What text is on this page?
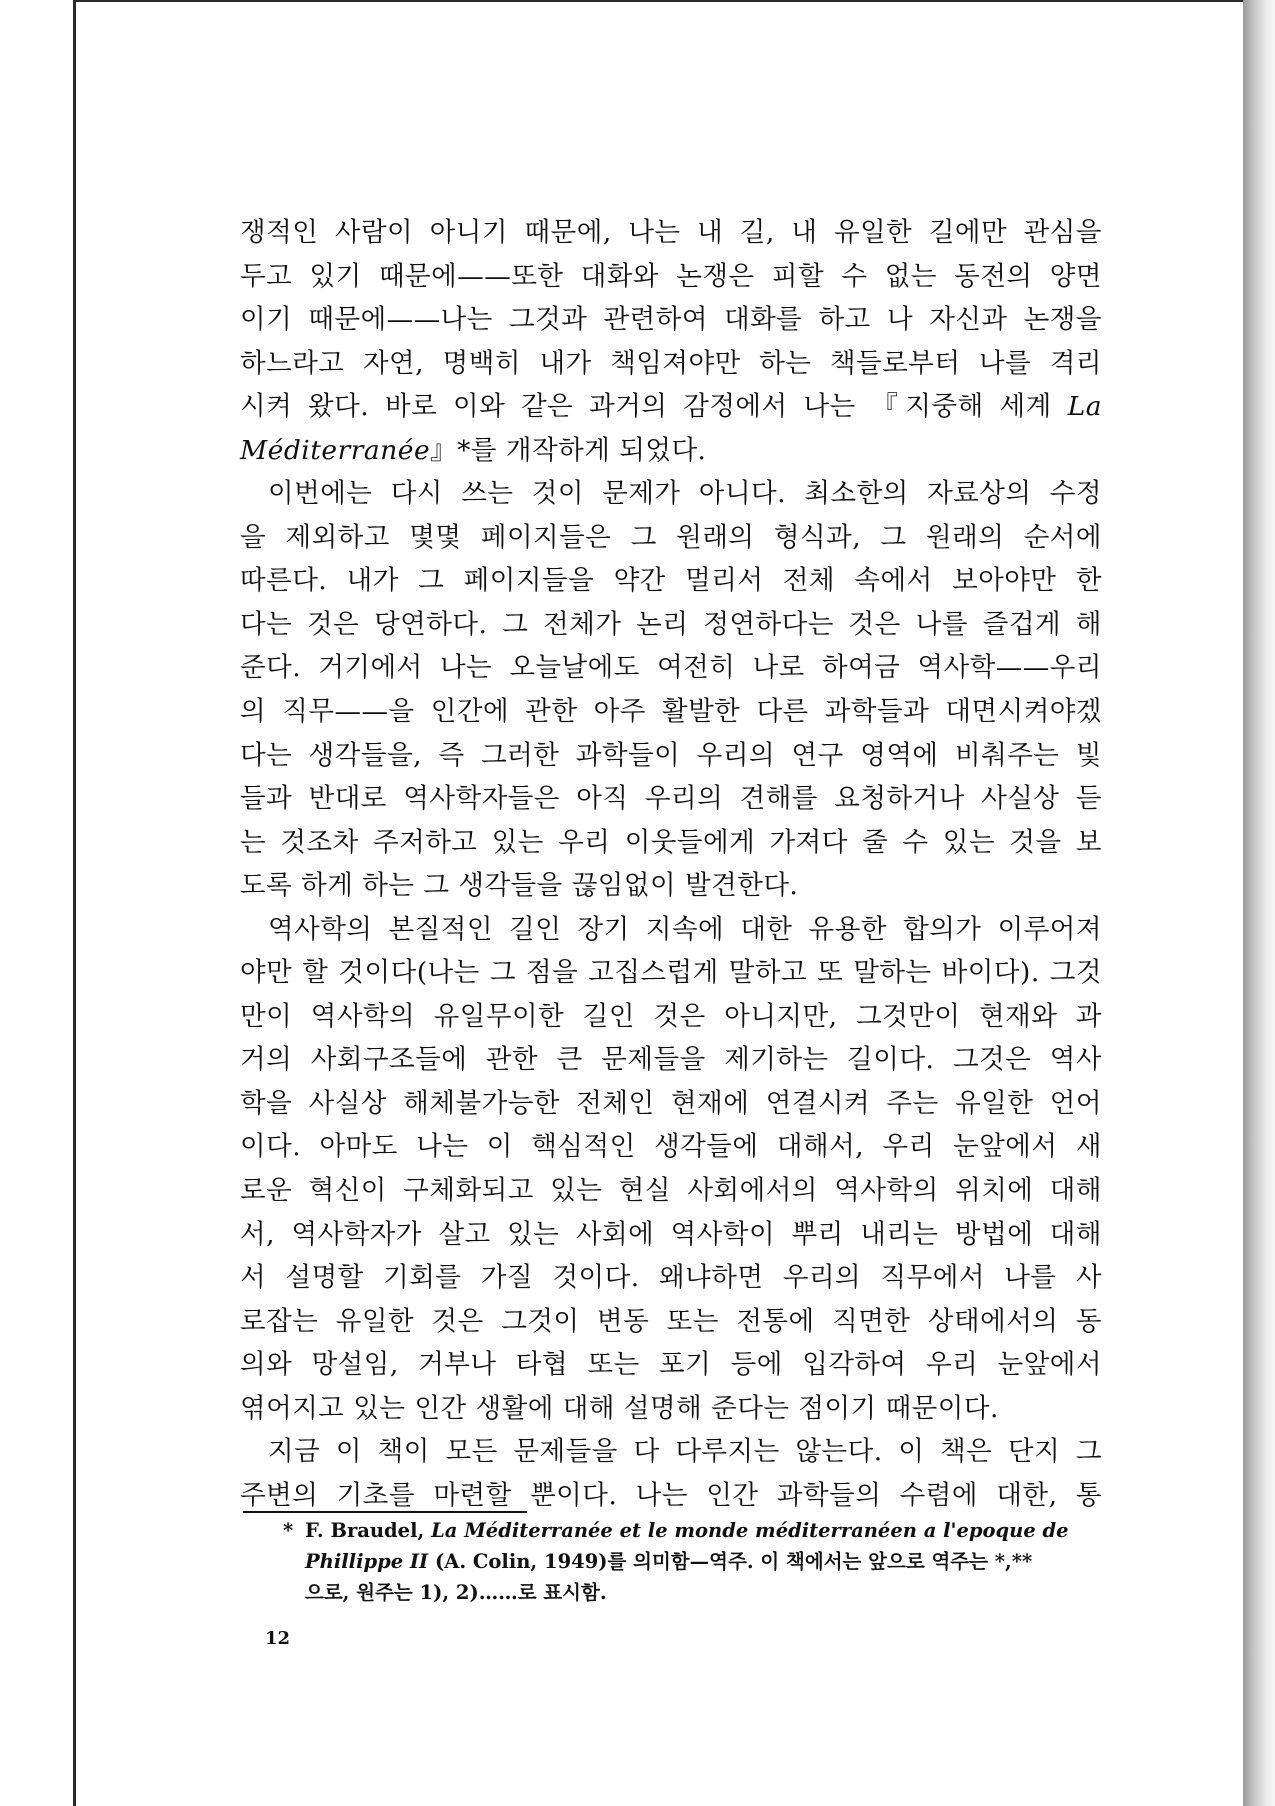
쟁적인 사람이 아니기 때문에, 나는 내 길, 내 유일한 길에만 관심을
두고 있기 때문에——또한 대화와 논쟁은 피할 수 없는 동전의 양면
이기 때문에——나는 그것과 관련하여 대화를 하고 나 자신과 논쟁을
하느라고 자연, 명백히 내가 책임져야만 하는 책들로부터 나를 격리
시켜 왔다. 바로 이와 같은 과거의 감정에서 나는 『지중해 세계 La
Méditerranée』*를 개작하게 되었다.
이번에는 다시 쓰는 것이 문제가 아니다. 최소한의 자료상의 수정
을 제외하고 몇몇 페이지들은 그 원래의 형식과, 그 원래의 순서에
따른다. 내가 그 페이지들을 약간 멀리서 전체 속에서 보아야만 한
다는 것은 당연하다. 그 전체가 논리 정연하다는 것은 나를 즐겁게 해
준다. 거기에서 나는 오늘날에도 여전히 나로 하여금 역사학——우리
의 직무——을 인간에 관한 아주 활발한 다른 과학들과 대면시켜야겠
다는 생각들을, 즉 그러한 과학들이 우리의 연구 영역에 비춰주는 빛
들과 반대로 역사학자들은 아직 우리의 견해를 요청하거나 사실상 듣
는 것조차 주저하고 있는 우리 이웃들에게 가져다 줄 수 있는 것을 보
도록 하게 하는 그 생각들을 끊임없이 발견한다.
역사학의 본질적인 길인 장기 지속에 대한 유용한 합의가 이루어져
야만 할 것이다(나는 그 점을 고집스럽게 말하고 또 말하는 바이다). 그것
만이 역사학의 유일무이한 길인 것은 아니지만, 그것만이 현재와 과
거의 사회구조들에 관한 큰 문제들을 제기하는 길이다. 그것은 역사
학을 사실상 해체불가능한 전체인 현재에 연결시켜 주는 유일한 언어
이다. 아마도 나는 이 핵심적인 생각들에 대해서, 우리 눈앞에서 새
로운 혁신이 구체화되고 있는 현실 사회에서의 역사학의 위치에 대해
서, 역사학자가 살고 있는 사회에 역사학이 뿌리 내리는 방법에 대해
서 설명할 기회를 가질 것이다. 왜냐하면 우리의 직무에서 나를 사
로잡는 유일한 것은 그것이 변동 또는 전통에 직면한 상태에서의 동
의와 망설임, 거부나 타협 또는 포기 등에 입각하여 우리 눈앞에서
엮어지고 있는 인간 생활에 대해 설명해 준다는 점이기 때문이다.
지금 이 책이 모든 문제들을 다 다루지는 않는다. 이 책은 단지 그
주변의 기초를 마련할 뿐이다. 나는 인간 과학들의 수렴에 대한, 통
* F. Braudel, La Méditerranée et le monde méditerranéen a l'epoque de
Phillippe II (A. Colin, 1949)를 의미함—역주. 이 책에서는 앞으로 역주는 *,**
으로, 원주는 1), 2)……로 표시함.
12
